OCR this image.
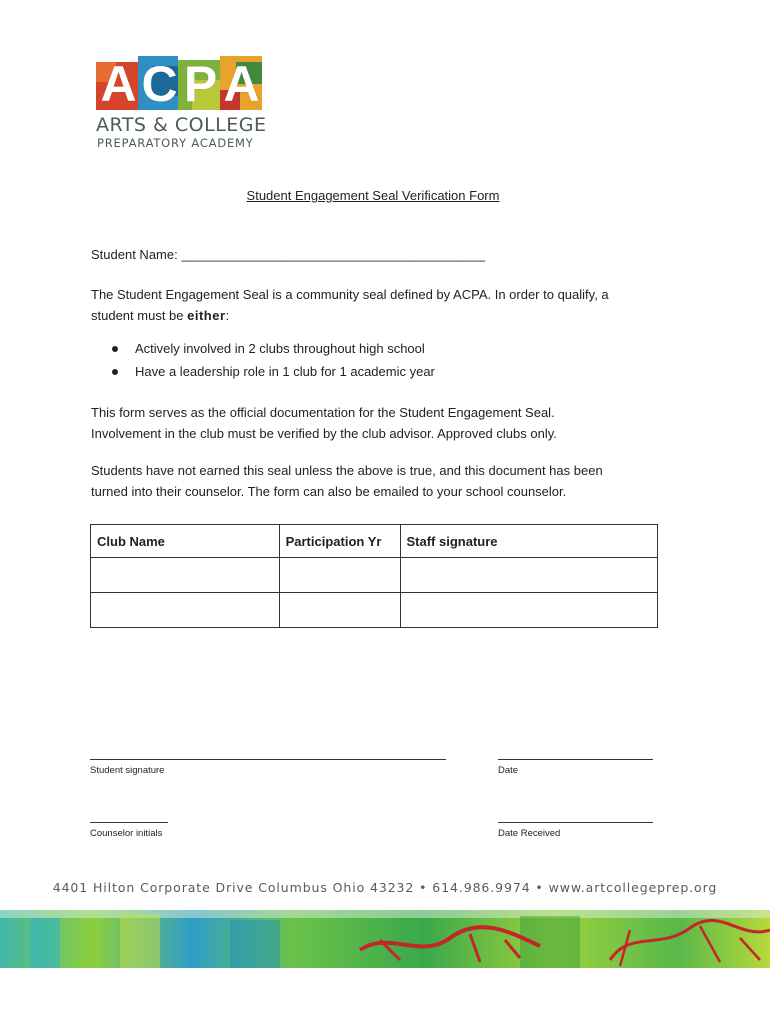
A C P A
ARTS & COLLEGE
PREPARATORY ACADEMY
Student Engagement Seal Verification Form
Student Name: __________________________________________
The Student Engagement Seal is a community seal defined by ACPA. In order to qualify, a
student must be either:
Actively involved in 2 clubs throughout high school
Have a leadership role in 1 club for 1 academic year
This form serves as the official documentation for the Student Engagement Seal.
Involvement in the club must be verified by the club advisor. Approved clubs only.
Students have not earned this seal unless the above is true, and this document has been
turned into their counselor. The form can also be emailed to your school counselor.
Club Name	Participation Yr	Staff signature

Student signature	Date
Counselor initials	Date Received
4401 Hilton Corporate Drive Columbus Ohio 43232 • 614.986.9974 • www.artcollegeprep.org
